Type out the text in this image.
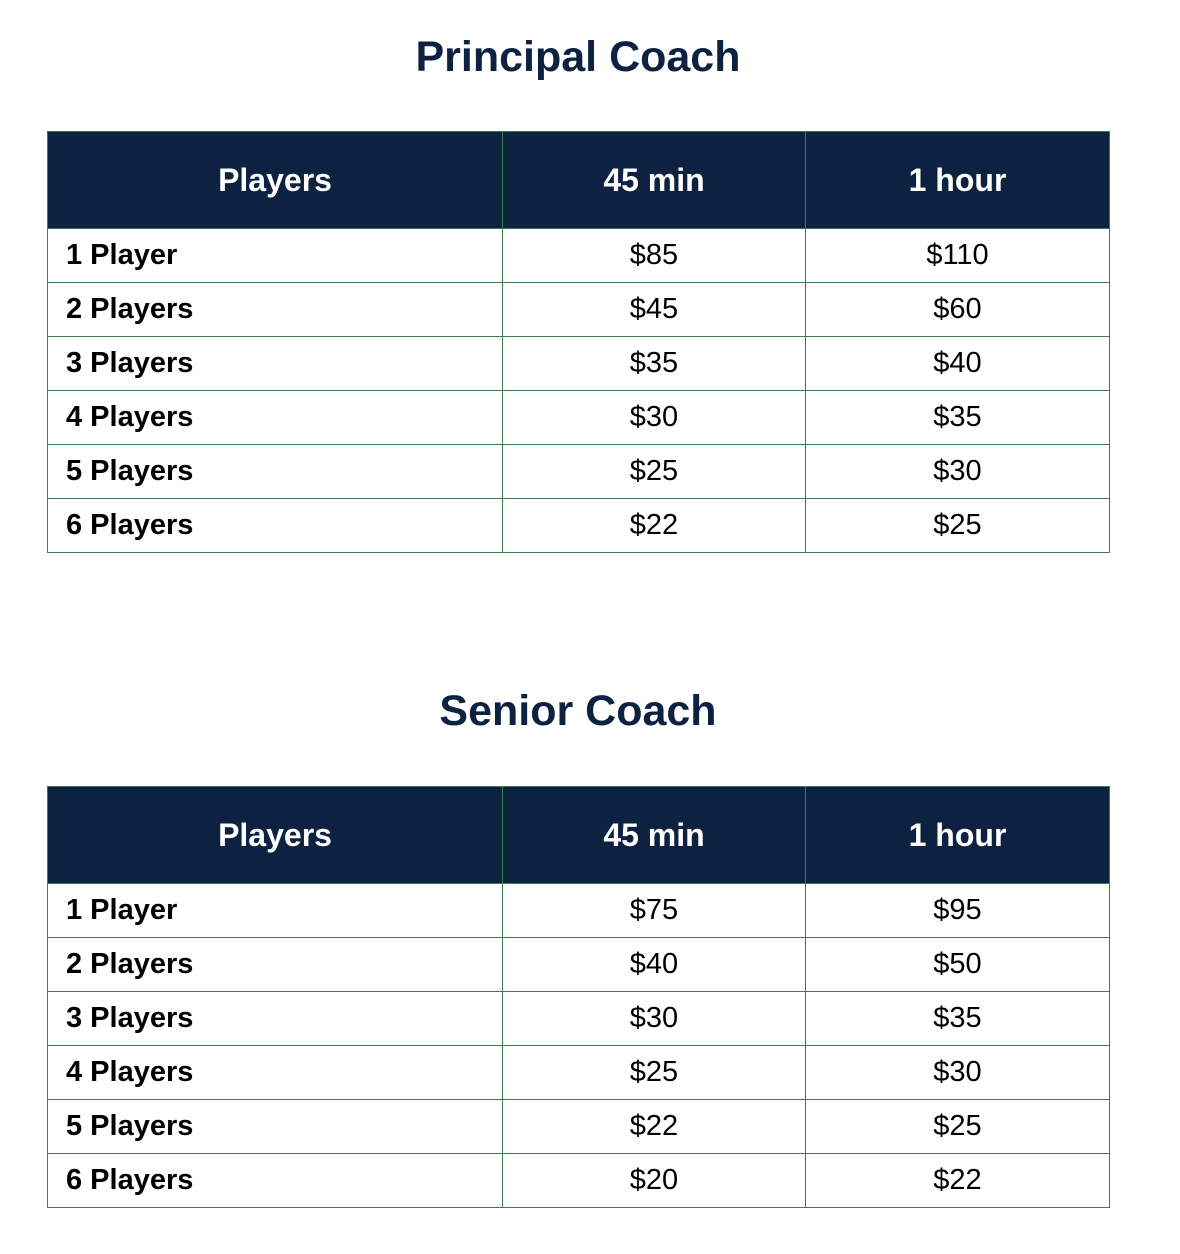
Principal Coach
Players	45 min	1 hour
1 Player	$85	$110
2 Players	$45	$60
3 Players	$35	$40
4 Players	$30	$35
5 Players	$25	$30
6 Players	$22	$25
Senior Coach
Players	45 min	1 hour
1 Player	$75	$95
2 Players	$40	$50
3 Players	$30	$35
4 Players	$25	$30
5 Players	$22	$25
6 Players	$20	$22
